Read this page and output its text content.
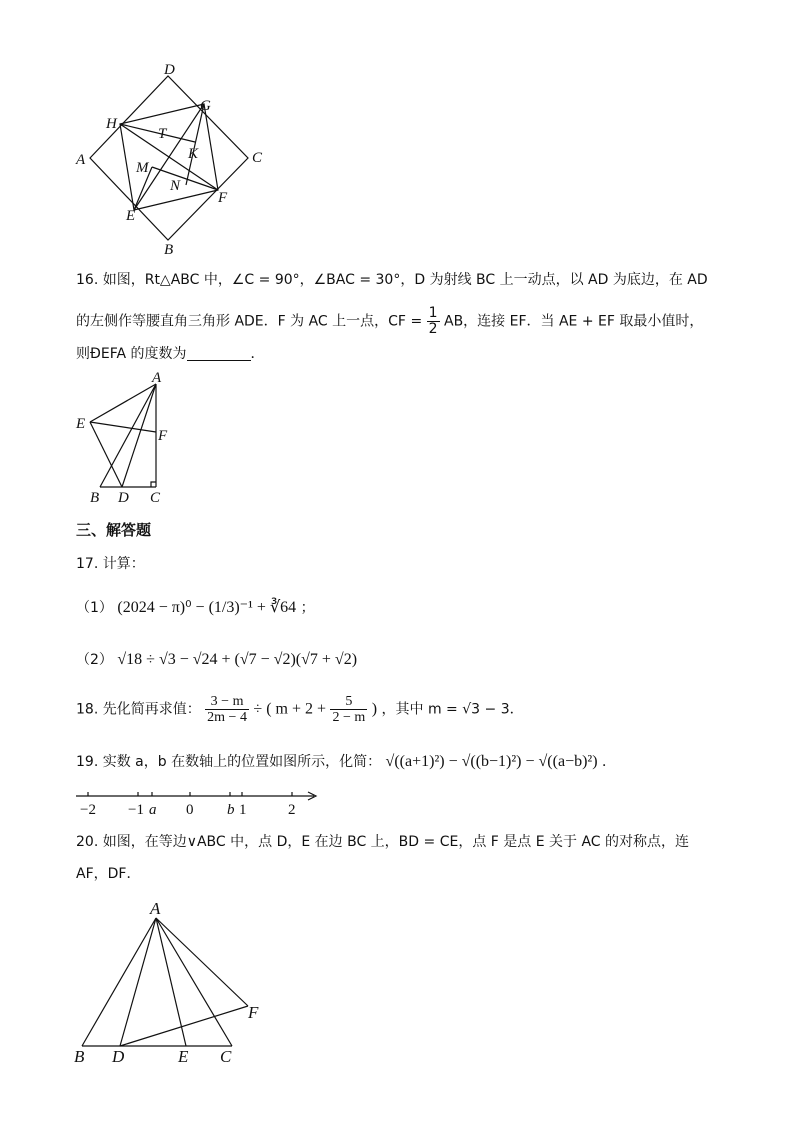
D
G
H
T
K
A	C
M
N
E
F
B
16. 如图，Rt△ABC 中，∠C = 90°，∠BAC = 30°，D 为射线 BC 上一动点，以 AD 为底边，在 AD
的左侧作等腰直角三角形 ADE．F 为 AC 上一点，CF = $\frac{1}{2}$ AB，连接 EF．当 AE + EF 取最小值时，
则ÐEFA 的度数为	．
A
E
F
B D C
三、解答题
17. 计算：
（1） (2024 − π)⁰ − (1/3)⁻¹ + ∛64 ；
（2） √18 ÷ √3 − √24 + (√7 − √2)(√7 + √2)
18. 先化简再求值： $\frac{3 - m}{2m - 4}$ ÷ ( $m + 2 + \frac{5}{2 - m}$ ) ，其中 m = √3 − 3．
19. 实数 a，b 在数轴上的位置如图所示，化简： √((a+1)²) − √((b−1)²) − √((a−b)²) ．
−2 −1 a 0 b 1	2
20. 如图，在等边∨ABC 中，点 D，E 在边 BC 上，BD = CE，点 F 是点 E 关于 AC 的对称点，连
AF，DF．
A
F
B D	E C
